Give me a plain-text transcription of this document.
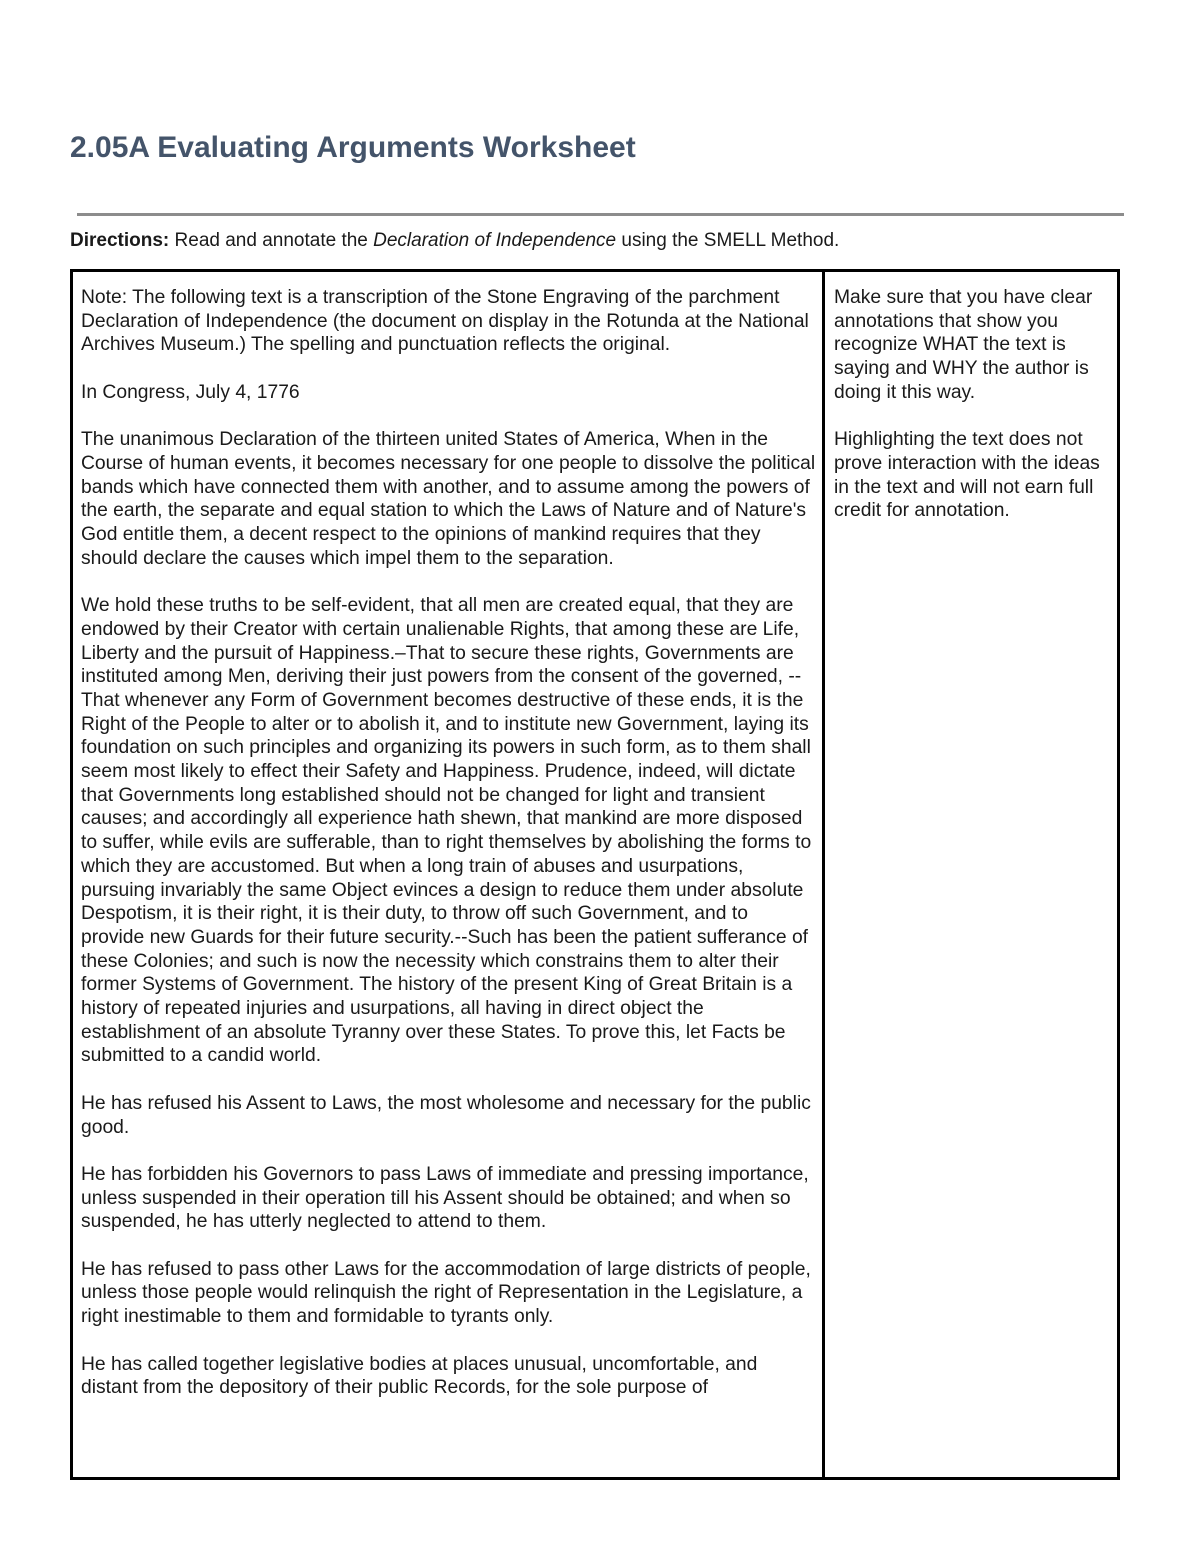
2.05A Evaluating Arguments Worksheet

Directions: Read and annotate the Declaration of Independence using the SMELL Method.

Note: The following text is a transcription of the Stone Engraving of the parchment Declaration of Independence (the document on display in the Rotunda at the National Archives Museum.) The spelling and punctuation reflects the original.

In Congress, July 4, 1776

The unanimous Declaration of the thirteen united States of America, When in the Course of human events, it becomes necessary for one people to dissolve the political bands which have connected them with another, and to assume among the powers of the earth, the separate and equal station to which the Laws of Nature and of Nature's God entitle them, a decent respect to the opinions of mankind requires that they should declare the causes which impel them to the separation.

We hold these truths to be self-evident, that all men are created equal, that they are endowed by their Creator with certain unalienable Rights, that among these are Life, Liberty and the pursuit of Happiness.–That to secure these rights, Governments are instituted among Men, deriving their just powers from the consent of the governed, --That whenever any Form of Government becomes destructive of these ends, it is the Right of the People to alter or to abolish it, and to institute new Government, laying its foundation on such principles and organizing its powers in such form, as to them shall seem most likely to effect their Safety and Happiness. Prudence, indeed, will dictate that Governments long established should not be changed for light and transient causes; and accordingly all experience hath shewn, that mankind are more disposed to suffer, while evils are sufferable, than to right themselves by abolishing the forms to which they are accustomed. But when a long train of abuses and usurpations, pursuing invariably the same Object evinces a design to reduce them under absolute Despotism, it is their right, it is their duty, to throw off such Government, and to provide new Guards for their future security.--Such has been the patient sufferance of these Colonies; and such is now the necessity which constrains them to alter their former Systems of Government. The history of the present King of Great Britain is a history of repeated injuries and usurpations, all having in direct object the establishment of an absolute Tyranny over these States. To prove this, let Facts be submitted to a candid world.

He has refused his Assent to Laws, the most wholesome and necessary for the public good.

He has forbidden his Governors to pass Laws of immediate and pressing importance, unless suspended in their operation till his Assent should be obtained; and when so suspended, he has utterly neglected to attend to them.

He has refused to pass other Laws for the accommodation of large districts of people, unless those people would relinquish the right of Representation in the Legislature, a right inestimable to them and formidable to tyrants only.

He has called together legislative bodies at places unusual, uncomfortable, and distant from the depository of their public Records, for the sole purpose of

Make sure that you have clear annotations that show you recognize WHAT the text is saying and WHY the author is doing it this way.

Highlighting the text does not prove interaction with the ideas in the text and will not earn full credit for annotation.
